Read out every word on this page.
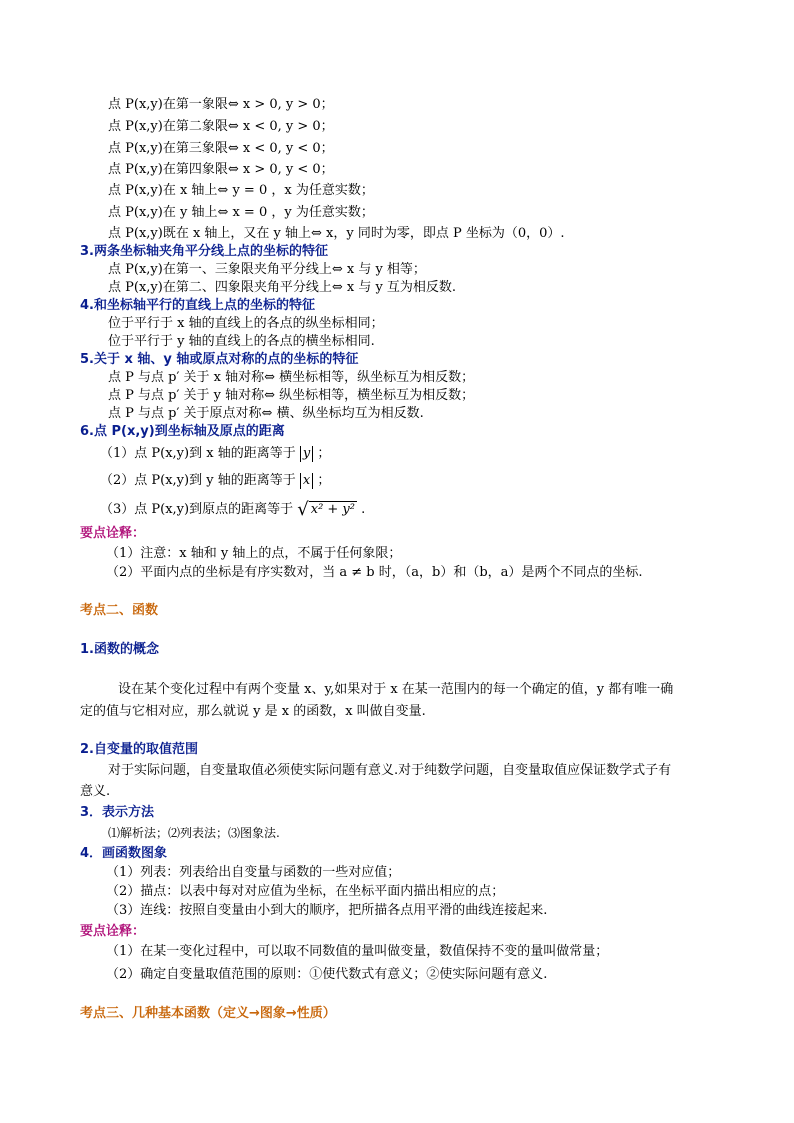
点 P(x,y)在第一象限⇔ x > 0, y > 0；
点 P(x,y)在第二象限⇔ x < 0, y > 0；
点 P(x,y)在第三象限⇔ x < 0, y < 0；
点 P(x,y)在第四象限⇔ x > 0, y < 0；
点 P(x,y)在 x 轴上⇔ y = 0 ，x 为任意实数；
点 P(x,y)在 y 轴上⇔ x = 0 ，y 为任意实数；
点 P(x,y)既在 x 轴上，又在 y 轴上⇔ x，y 同时为零，即点 P 坐标为（0，0）.
3.两条坐标轴夹角平分线上点的坐标的特征
点 P(x,y)在第一、三象限夹角平分线上⇔ x 与 y 相等；
点 P(x,y)在第二、四象限夹角平分线上⇔ x 与 y 互为相反数.
4.和坐标轴平行的直线上点的坐标的特征
位于平行于 x 轴的直线上的各点的纵坐标相同；
位于平行于 y 轴的直线上的各点的横坐标相同.
5.关于 x 轴、y 轴或原点对称的点的坐标的特征
点 P 与点 p′ 关于 x 轴对称⇔ 横坐标相等，纵坐标互为相反数；
点 P 与点 p′ 关于 y 轴对称⇔ 纵坐标相等，横坐标互为相反数；
点 P 与点 p′ 关于原点对称⇔ 横、纵坐标均互为相反数.
6.点 P(x,y)到坐标轴及原点的距离
（1）点 P(x,y)到 x 轴的距离等于 y ；
（2）点 P(x,y)到 y 轴的距离等于 x ；
（3）点 P(x,y)到原点的距离等于 √ x² + y² .
要点诠释：
（1）注意：x 轴和 y 轴上的点，不属于任何象限；
（2）平面内点的坐标是有序实数对，当 a ≠ b 时，（a，b）和（b，a）是两个不同点的坐标.
考点二、函数
1.函数的概念
设在某个变化过程中有两个变量 x、y,如果对于 x 在某一范围内的每一个确定的值，y 都有唯一确
定的值与它相对应，那么就说 y 是 x 的函数，x 叫做自变量.
2.自变量的取值范围
对于实际问题，自变量取值必须使实际问题有意义.对于纯数学问题，自变量取值应保证数学式子有
意义.
3．表示方法
⑴解析法；⑵列表法；⑶图象法.
4．画函数图象
（1）列表：列表给出自变量与函数的一些对应值；
（2）描点：以表中每对对应值为坐标，在坐标平面内描出相应的点；
（3）连线：按照自变量由小到大的顺序，把所描各点用平滑的曲线连接起来.
要点诠释：
（1）在某一变化过程中，可以取不同数值的量叫做变量，数值保持不变的量叫做常量；
（2）确定自变量取值范围的原则：①使代数式有意义；②使实际问题有意义.
考点三、几种基本函数（定义→图象→性质）
